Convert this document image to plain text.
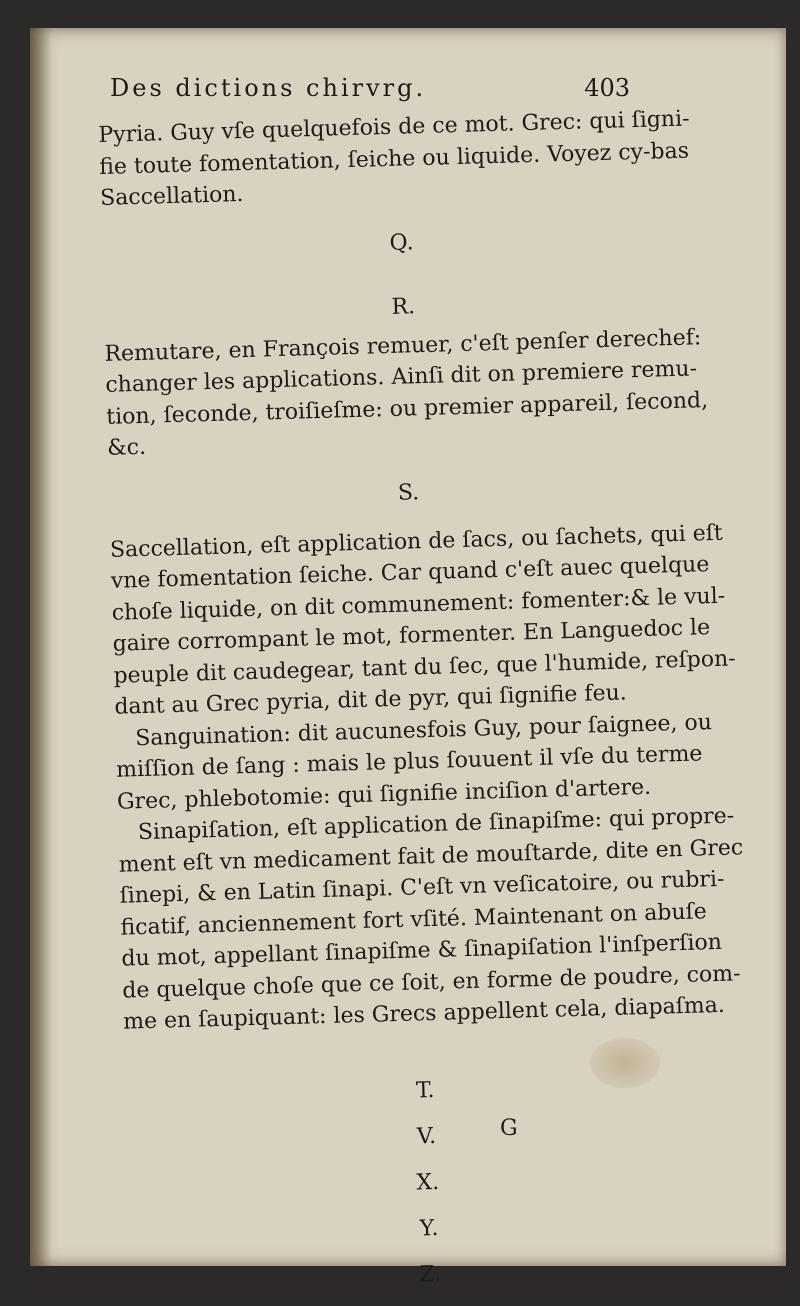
Des dictions chirvrg.	403
Pyria. Guy vſe quelquefois de ce mot. Grec: qui ſigni-
fie toute fomentation, ſeiche ou liquide. Voyez cy-bas
Saccellation.
Q.
R.
Remutare, en François remuer, c'eſt penſer derechef:
changer les applications. Ainſi dit on premiere remu-
tion, ſeconde, troiſieſme: ou premier appareil, ſecond,
&c.
S.
Saccellation, eſt application de ſacs, ou ſachets, qui eſt
vne fomentation ſeiche. Car quand c'eſt auec quelque
choſe liquide, on dit communement: fomenter:& le vul-
gaire corrompant le mot, formenter. En Languedoc le
peuple dit caudegear, tant du ſec, que l'humide, reſpon-
dant au Grec pyria, dit de pyr, qui ſignifie feu.
Sanguination: dit aucunesfois Guy, pour ſaignee, ou
miſſion de ſang : mais le plus ſouuent il vſe du terme
Grec, phlebotomie: qui ſignifie inciſion d'artere.
Sinapiſation, eſt application de ſinapiſme: qui propre-
ment eſt vn medicament fait de mouſtarde, dite en Grec
ſinepi, & en Latin ſinapi. C'eſt vn veſicatoire, ou rubri-
ficatif, anciennement fort vſité. Maintenant on abuſe
du mot, appellant ſinapiſme & ſinapiſation l'inſperſion
de quelque choſe que ce ſoit, en forme de poudre, com-
me en ſaupiquant: les Grecs appellent cela, diapaſma.
T.
V.
X.
Y.
Z.
G
